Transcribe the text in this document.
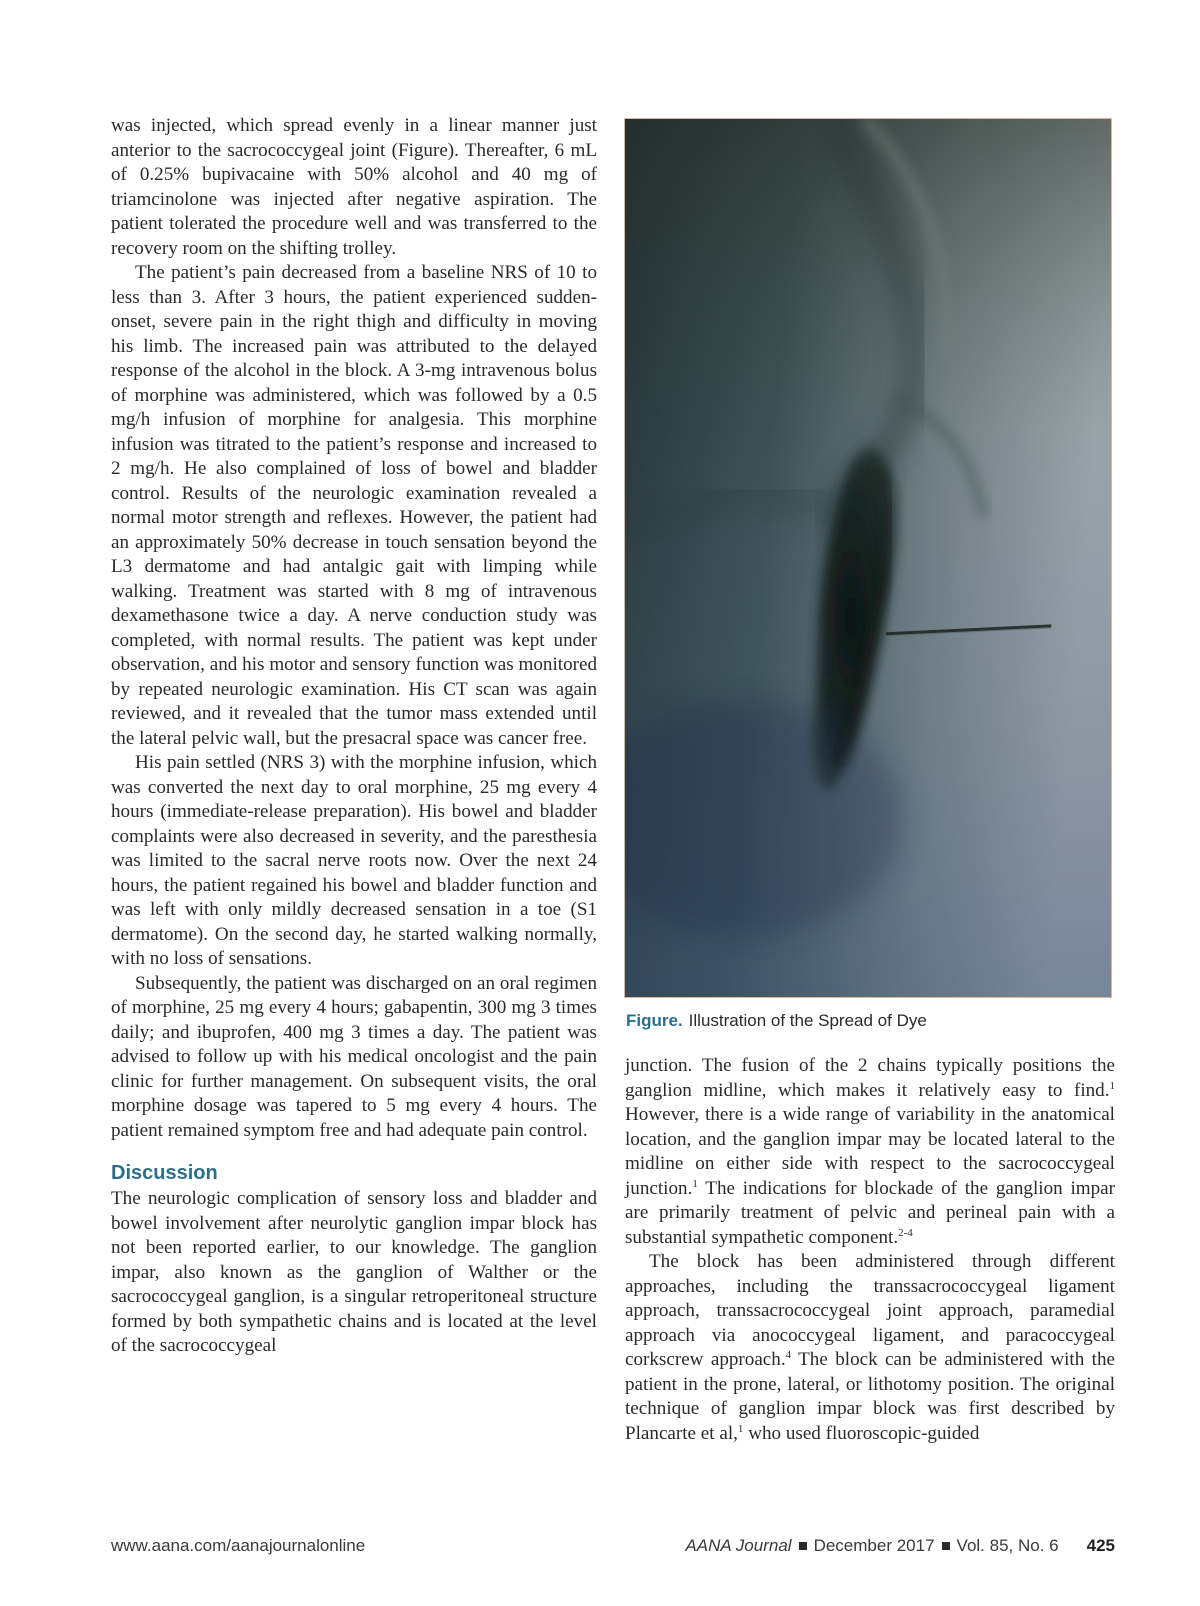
was injected, which spread evenly in a linear manner just anterior to the sacrococcygeal joint (Figure). Thereafter, 6 mL of 0.25% bupivacaine with 50% alcohol and 40 mg of triamcinolone was injected after negative aspiration. The patient tolerated the procedure well and was transferred to the recovery room on the shifting trolley.

The patient’s pain decreased from a baseline NRS of 10 to less than 3. After 3 hours, the patient experienced sudden-onset, severe pain in the right thigh and difficulty in moving his limb. The increased pain was attributed to the delayed response of the alcohol in the block. A 3-mg intravenous bolus of morphine was administered, which was followed by a 0.5 mg/h infusion of morphine for analgesia. This morphine infusion was titrated to the patient’s response and increased to 2 mg/h. He also complained of loss of bowel and bladder control. Results of the neurologic examination revealed a normal motor strength and reflexes. However, the patient had an approximately 50% decrease in touch sensation beyond the L3 dermatome and had antalgic gait with limping while walking. Treatment was started with 8 mg of intravenous dexamethasone twice a day. A nerve conduction study was completed, with normal results. The patient was kept under observation, and his motor and sensory function was monitored by repeated neurologic examination. His CT scan was again reviewed, and it revealed that the tumor mass extended until the lateral pelvic wall, but the presacral space was cancer free.

His pain settled (NRS 3) with the morphine infusion, which was converted the next day to oral morphine, 25 mg every 4 hours (immediate-release preparation). His bowel and bladder complaints were also decreased in severity, and the paresthesia was limited to the sacral nerve roots now. Over the next 24 hours, the patient regained his bowel and bladder function and was left with only mildly decreased sensation in a toe (S1 dermatome). On the second day, he started walking normally, with no loss of sensations.

Subsequently, the patient was discharged on an oral regimen of morphine, 25 mg every 4 hours; gabapentin, 300 mg 3 times daily; and ibuprofen, 400 mg 3 times a day. The patient was advised to follow up with his medical oncologist and the pain clinic for further management. On subsequent visits, the oral morphine dosage was tapered to 5 mg every 4 hours. The patient remained symptom free and had adequate pain control.

Discussion

The neurologic complication of sensory loss and bladder and bowel involvement after neurolytic ganglion impar block has not been reported earlier, to our knowledge. The ganglion impar, also known as the ganglion of Walther or the sacrococcygeal ganglion, is a singular retroperitoneal structure formed by both sympathetic chains and is located at the level of the sacrococcygeal

Figure. Illustration of the Spread of Dye

junction. The fusion of the 2 chains typically positions the ganglion midline, which makes it relatively easy to find.$^1$ However, there is a wide range of variability in the anatomical location, and the ganglion impar may be located lateral to the midline on either side with respect to the sacrococcygeal junction.$^1$ The indications for blockade of the ganglion impar are primarily treatment of pelvic and perineal pain with a substantial sympathetic component.$^{2-4}$

The block has been administered through different approaches, including the transsacrococcygeal ligament approach, transsacrococcygeal joint approach, paramedial approach via anococcygeal ligament, and paracoccygeal corkscrew approach.$^4$ The block can be administered with the patient in the prone, lateral, or lithotomy position. The original technique of ganglion impar block was first described by Plancarte et al,$^1$ who used fluoroscopic-guided

www.aana.com/aanajournalonline	AANA Journal December 2017 Vol. 85, No. 6 425
